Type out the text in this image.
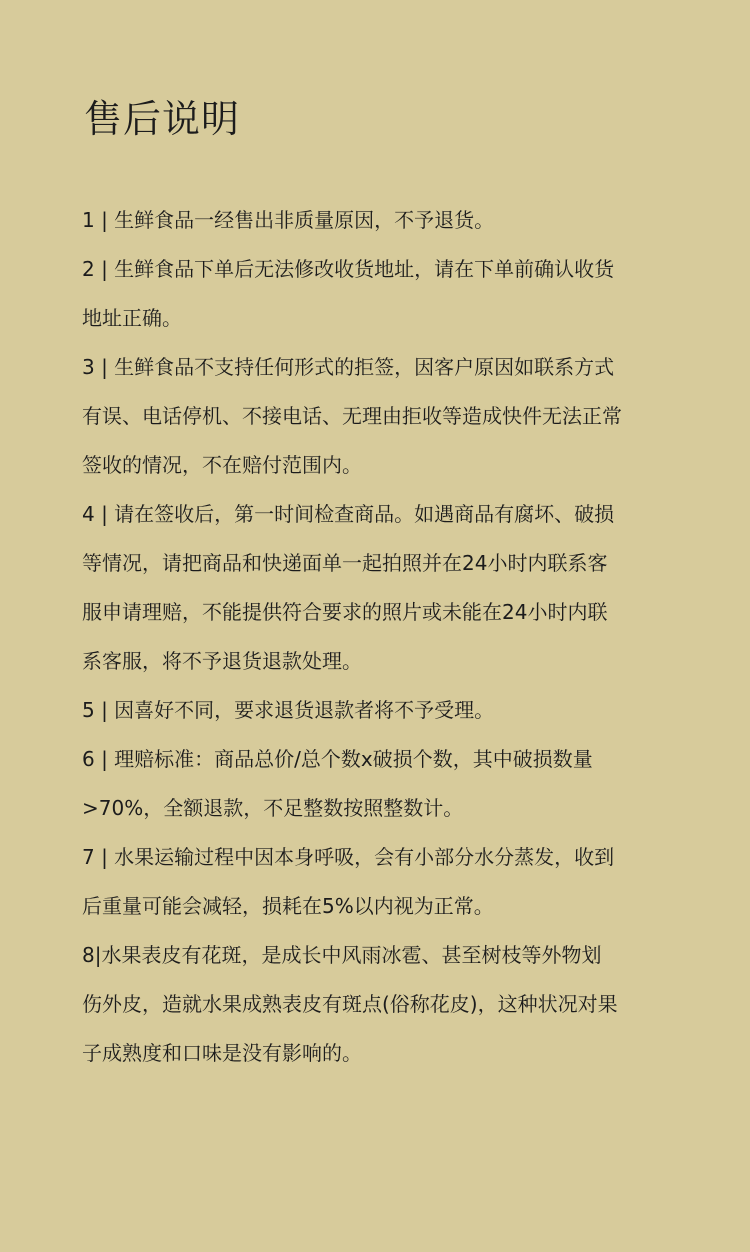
售后说明
1 | 生鲜食品一经售出非质量原因，不予退货。
2 | 生鲜食品下单后无法修改收货地址，请在下单前确认收货
地址正确。
3 | 生鲜食品不支持任何形式的拒签，因客户原因如联系方式
有误、电话停机、不接电话、无理由拒收等造成快件无法正常
签收的情况，不在赔付范围内。
4 | 请在签收后，第一时间检查商品。如遇商品有腐坏、破损
等情况，请把商品和快递面单一起拍照并在24小时内联系客
服申请理赔，不能提供符合要求的照片或未能在24小时内联
系客服，将不予退货退款处理。
5 | 因喜好不同，要求退货退款者将不予受理。
6 | 理赔标准：商品总价/总个数x破损个数，其中破损数量
>70%，全额退款，不足整数按照整数计。
7 | 水果运输过程中因本身呼吸，会有小部分水分蒸发，收到
后重量可能会减轻，损耗在5%以内视为正常。
8|水果表皮有花斑，是成长中风雨冰雹、甚至树枝等外物划
伤外皮，造就水果成熟表皮有斑点(俗称花皮)，这种状况对果
子成熟度和口味是没有影响的。
